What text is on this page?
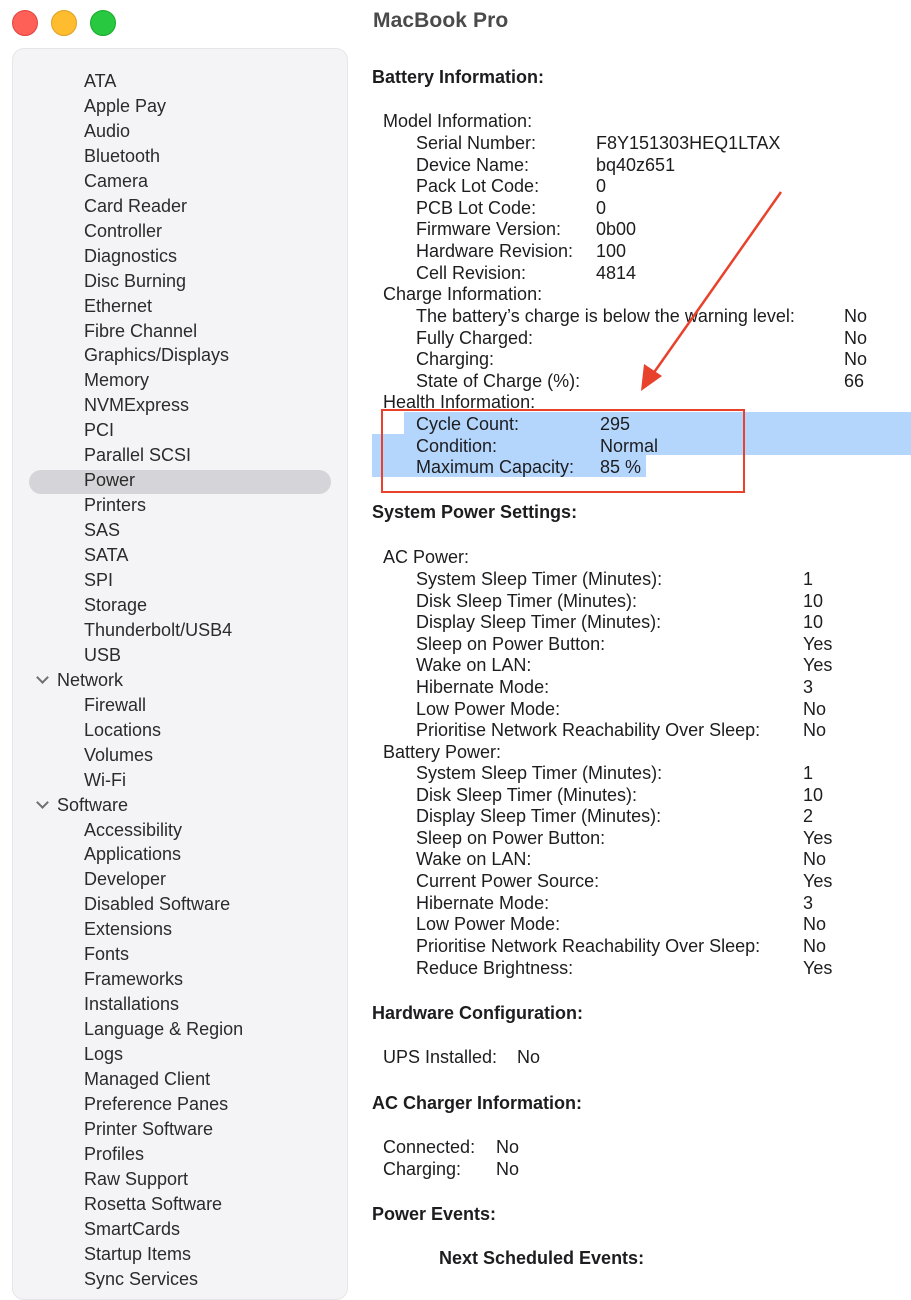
MacBook Pro
ATA
Apple Pay
Audio
Bluetooth
Camera
Card Reader
Controller
Diagnostics
Disc Burning
Ethernet
Fibre Channel
Graphics/Displays
Memory
NVMExpress
PCI
Parallel SCSI
Power
Printers
SAS
SATA
SPI
Storage
Thunderbolt/USB4
USB
Network
Firewall
Locations
Volumes
Wi-Fi
Software
Accessibility
Applications
Developer
Disabled Software
Extensions
Fonts
Frameworks
Installations
Language & Region
Logs
Managed Client
Preference Panes
Printer Software
Profiles
Raw Support
Rosetta Software
SmartCards
Startup Items
Sync Services
Battery Information:
Model Information:
Serial Number:	F8Y151303HEQ1LTAX
Device Name:	bq40z651
Pack Lot Code:	0
PCB Lot Code:	0
Firmware Version: 0b00
Hardware Revision: 100
Cell Revision:	4814
Charge Information:
The battery’s charge is below the warning level:	No
Fully Charged:	No
Charging:	No
State of Charge (%):	66
Health Information:
Cycle Count:	295
Condition:	Normal
Maximum Capacity: 85 %
System Power Settings:
AC Power:
System Sleep Timer (Minutes):	1
Disk Sleep Timer (Minutes):	10
Display Sleep Timer (Minutes):	10
Sleep on Power Button:	Yes
Wake on LAN:	Yes
Hibernate Mode:	3
Low Power Mode:	No
Prioritise Network Reachability Over Sleep: No
Battery Power:
System Sleep Timer (Minutes):	1
Disk Sleep Timer (Minutes):	10
Display Sleep Timer (Minutes):	2
Sleep on Power Button:	Yes
Wake on LAN:	No
Current Power Source:	Yes
Hibernate Mode:	3
Low Power Mode:	No
Prioritise Network Reachability Over Sleep: No
Reduce Brightness:	Yes
Hardware Configuration:
UPS Installed: No
AC Charger Information:
Connected: No
Charging: No
Power Events:
Next Scheduled Events:
